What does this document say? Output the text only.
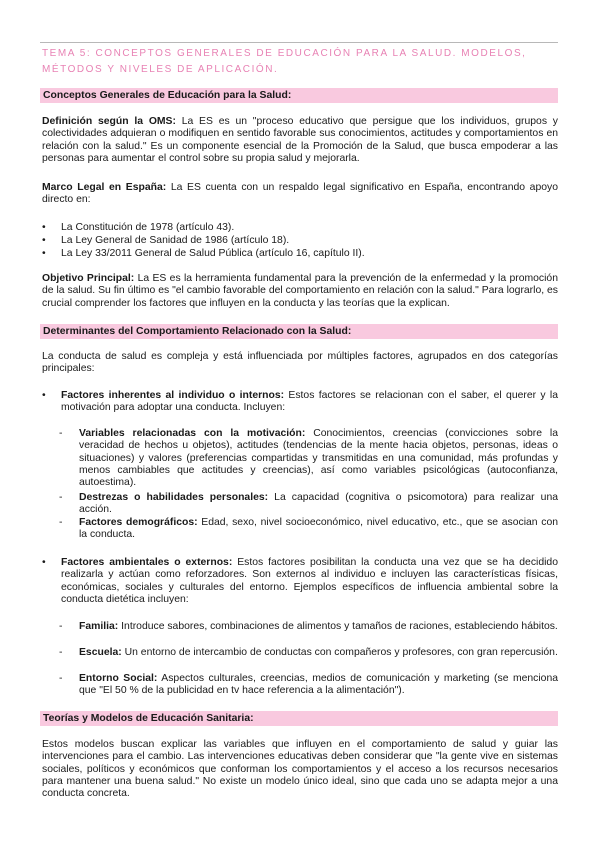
TEMA 5: CONCEPTOS GENERALES DE EDUCACIÓN PARA LA SALUD. MODELOS, MÉTODOS Y NIVELES DE APLICACIÓN.
Conceptos Generales de Educación para la Salud:
Definición según la OMS: La ES es un "proceso educativo que persigue que los individuos, grupos y colectividades adquieran o modifiquen en sentido favorable sus conocimientos, actitudes y comportamientos en relación con la salud." Es un componente esencial de la Promoción de la Salud, que busca empoderar a las personas para aumentar el control sobre su propia salud y mejorarla.
Marco Legal en España: La ES cuenta con un respaldo legal significativo en España, encontrando apoyo directo en:
• La Constitución de 1978 (artículo 43).
• La Ley General de Sanidad de 1986 (artículo 18).
• La Ley 33/2011 General de Salud Pública (artículo 16, capítulo II).
Objetivo Principal: La ES es la herramienta fundamental para la prevención de la enfermedad y la promoción de la salud. Su fin último es "el cambio favorable del comportamiento en relación con la salud." Para lograrlo, es crucial comprender los factores que influyen en la conducta y las teorías que la explican.
Determinantes del Comportamiento Relacionado con la Salud:
La conducta de salud es compleja y está influenciada por múltiples factores, agrupados en dos categorías principales:
• Factores inherentes al individuo o internos: Estos factores se relacionan con el saber, el querer y la motivación para adoptar una conducta. Incluyen:
- Variables relacionadas con la motivación: Conocimientos, creencias (convicciones sobre la veracidad de hechos u objetos), actitudes (tendencias de la mente hacia objetos, personas, ideas o situaciones) y valores (preferencias compartidas y transmitidas en una comunidad, más profundas y menos cambiables que actitudes y creencias), así como variables psicológicas (autoconfianza, autoestima).
- Destrezas o habilidades personales: La capacidad (cognitiva o psicomotora) para realizar una acción.
- Factores demográficos: Edad, sexo, nivel socioeconómico, nivel educativo, etc., que se asocian con la conducta.
• Factores ambientales o externos: Estos factores posibilitan la conducta una vez que se ha decidido realizarla y actúan como reforzadores. Son externos al individuo e incluyen las características físicas, económicas, sociales y culturales del entorno. Ejemplos específicos de influencia ambiental sobre la conducta dietética incluyen:
- Familia: Introduce sabores, combinaciones de alimentos y tamaños de raciones, estableciendo hábitos.
- Escuela: Un entorno de intercambio de conductas con compañeros y profesores, con gran repercusión.
- Entorno Social: Aspectos culturales, creencias, medios de comunicación y marketing (se menciona que "El 50 % de la publicidad en tv hace referencia a la alimentación").
Teorías y Modelos de Educación Sanitaria:
Estos modelos buscan explicar las variables que influyen en el comportamiento de salud y guiar las intervenciones para el cambio. Las intervenciones educativas deben considerar que "la gente vive en sistemas sociales, políticos y económicos que conforman los comportamientos y el acceso a los recursos necesarios para mantener una buena salud." No existe un modelo único ideal, sino que cada uno se adapta mejor a una conducta concreta.
